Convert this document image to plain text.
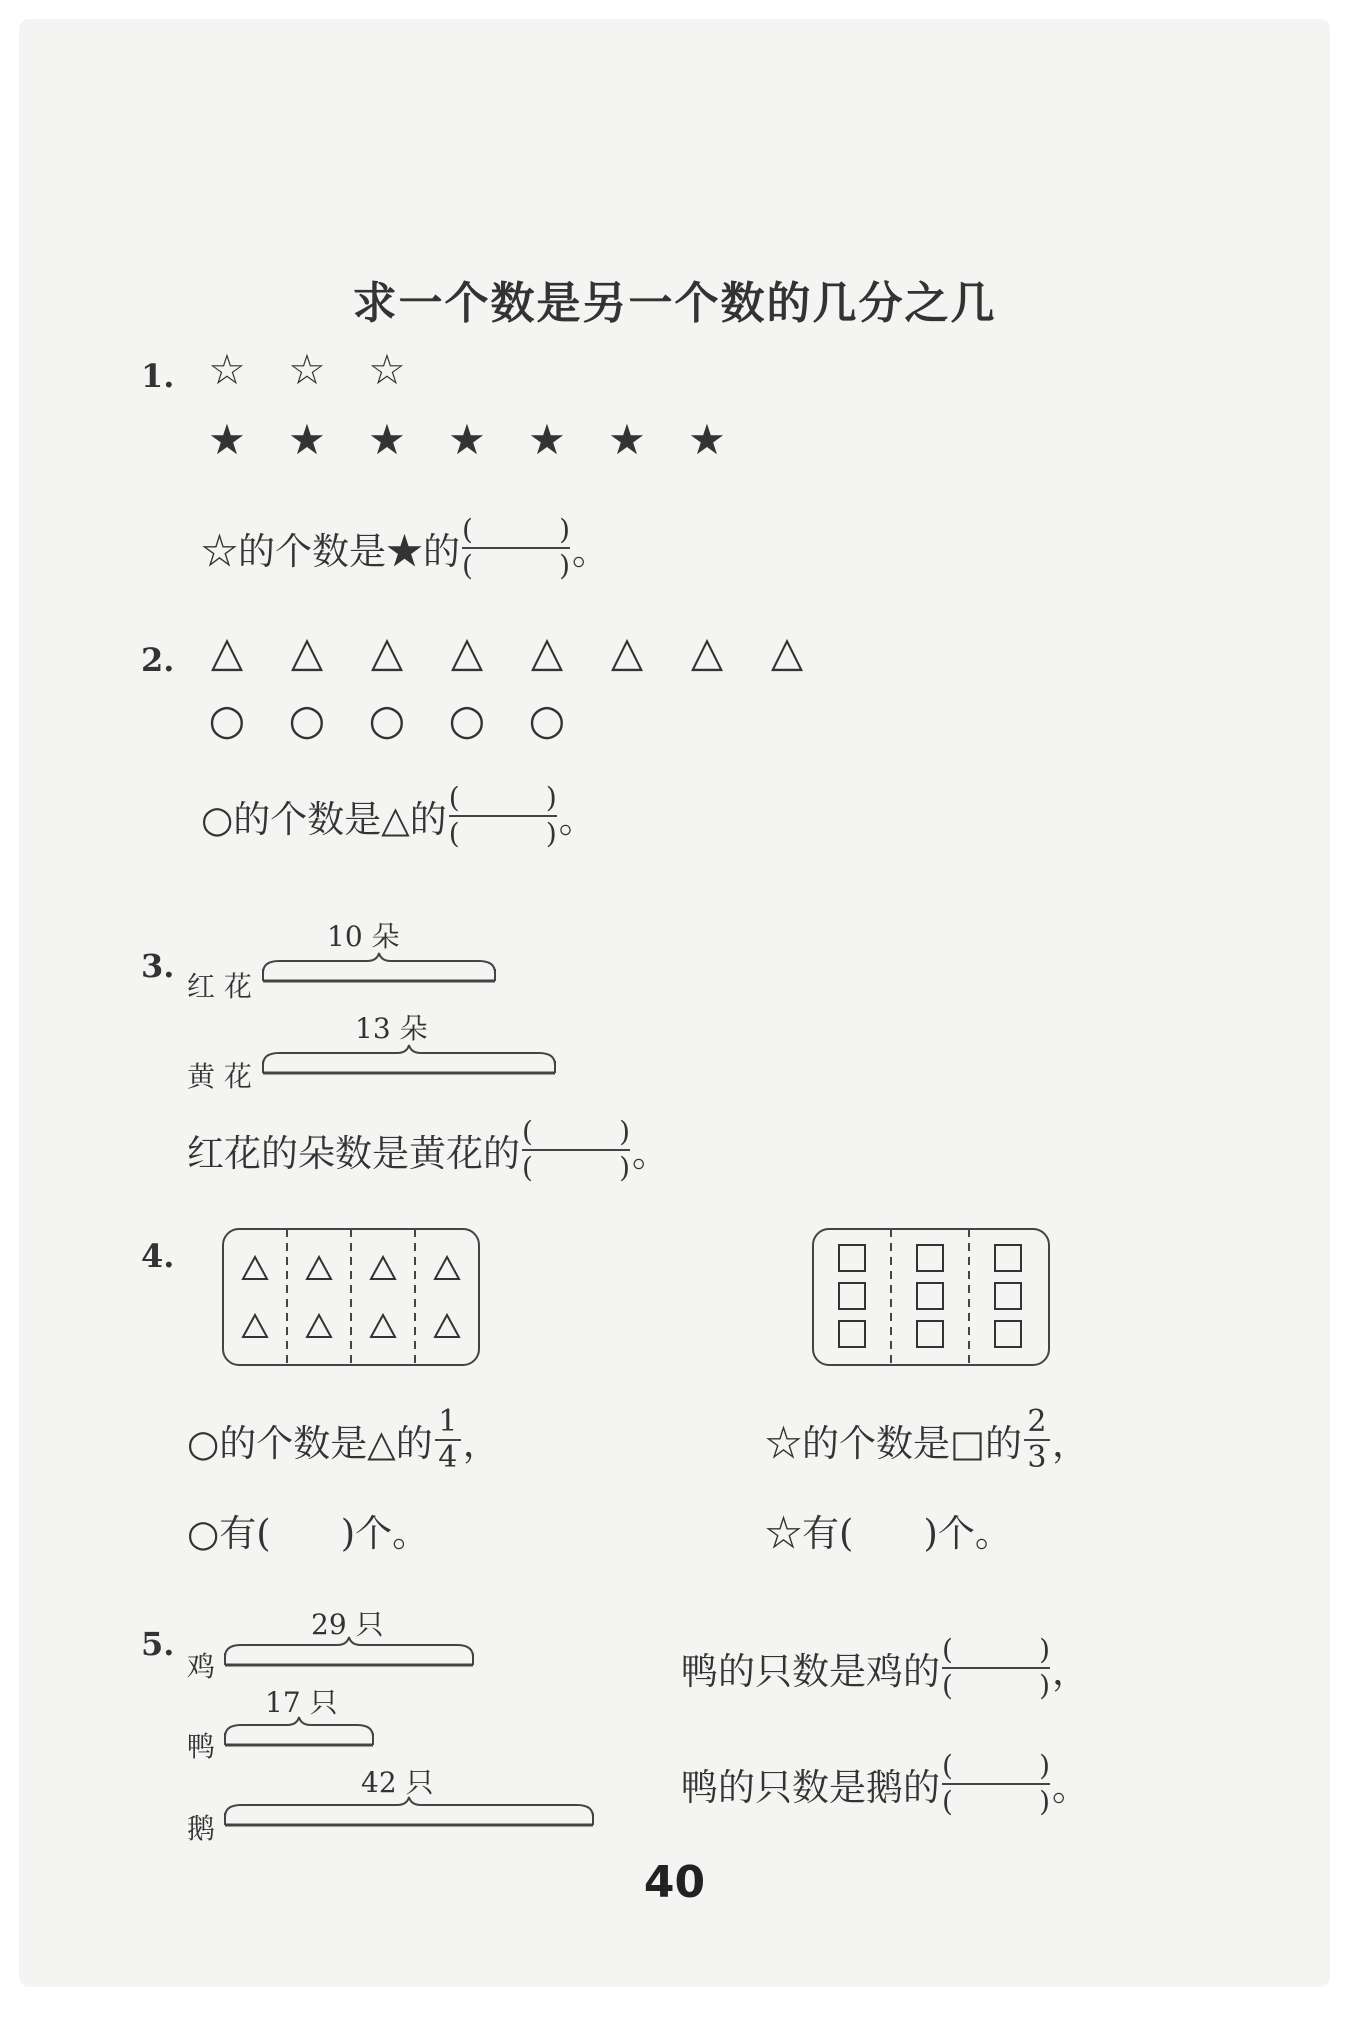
求一个数是另一个数的几分之几
1. ☆ ☆ ☆
★ ★ ★ ★ ★ ★ ★
☆的个数是★的 (	)
(	) 。
2. △ △ △ △ △ △ △ △
○ ○ ○ ○ ○
○的个数是△的 (	)
(	) 。
3.
10 朵
红 花
13 朵
黄 花
红花的朵数是黄花的 (	)
(	) 。
4.
○的个数是△的 $\frac{1}{4}$ ，
○有( )个。
☆的个数是□的 $\frac{2}{3}$ ，
☆有( )个。
5.
29 只
鸡
17 只
鸭
42 只
鹅
鸭的只数是鸡的 (	)
(	) ，
鸭的只数是鹅的 (	)
(	) 。
40
